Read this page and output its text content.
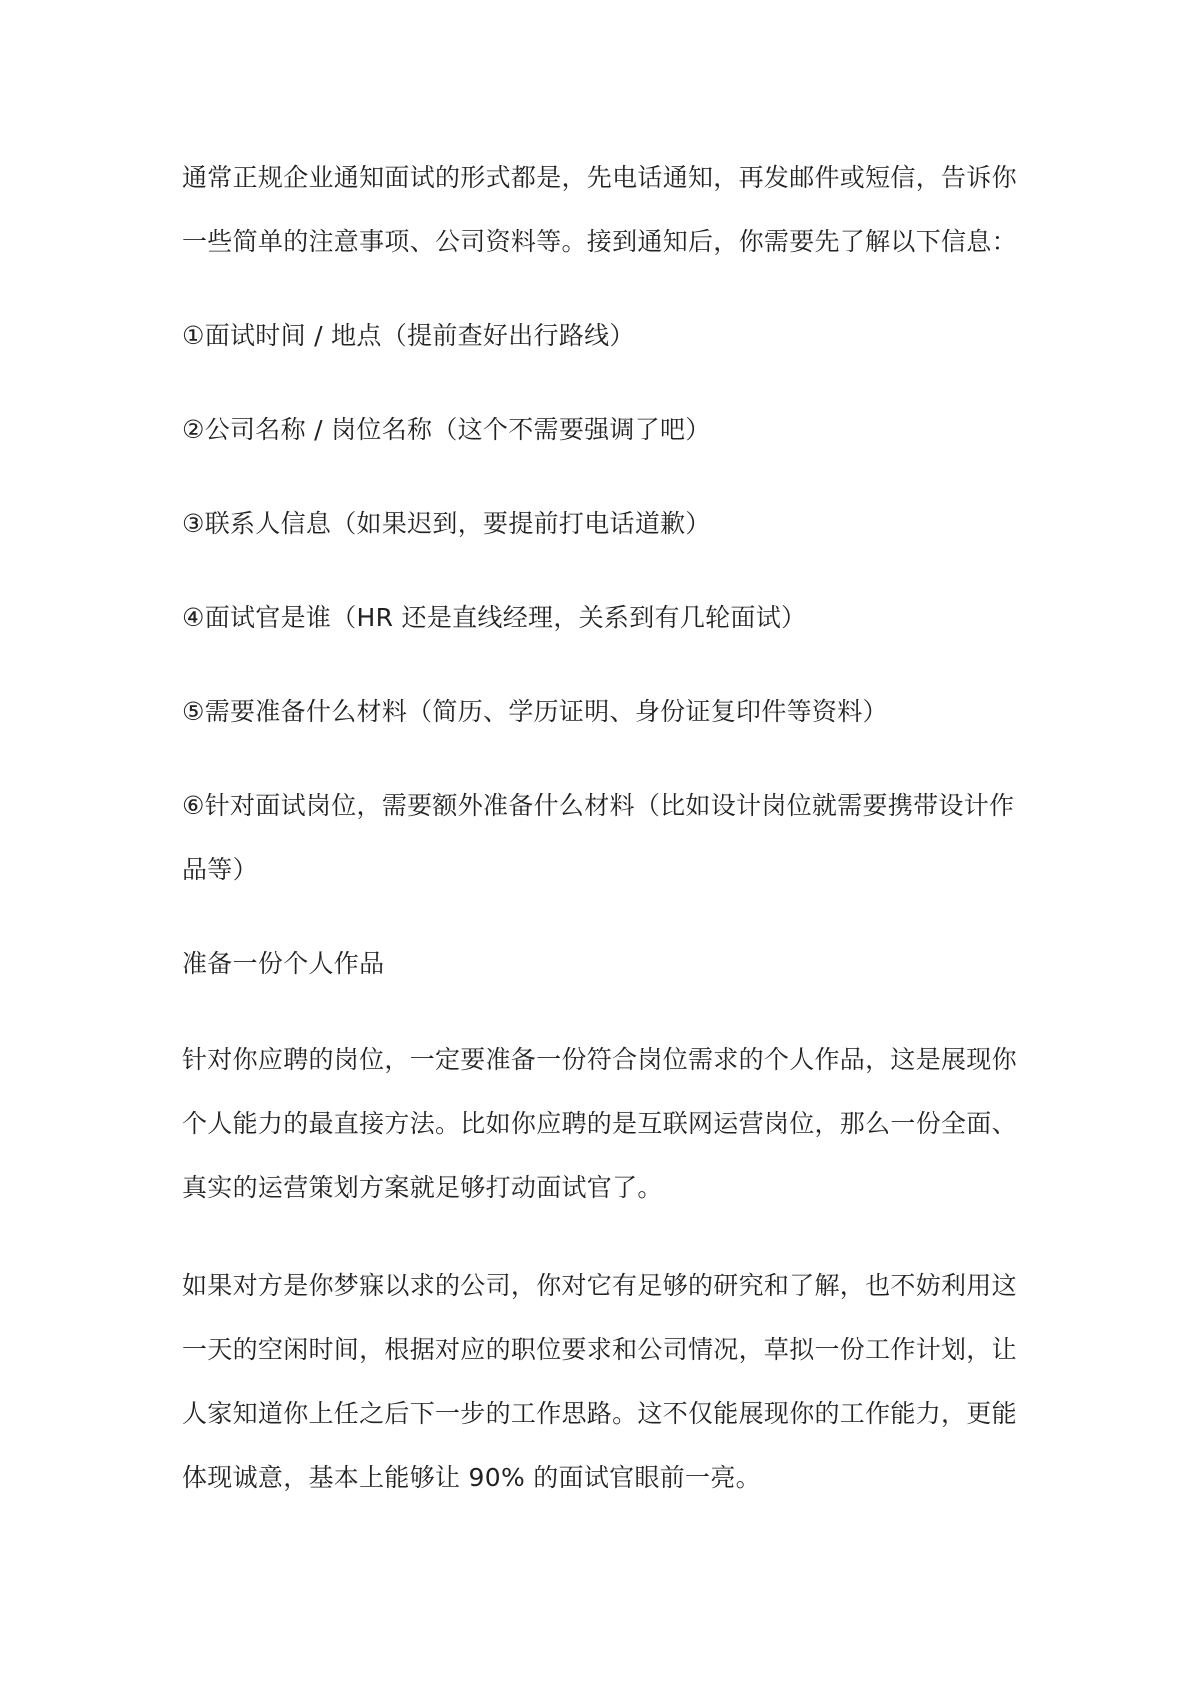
通常正规企业通知面试的形式都是，先电话通知，再发邮件或短信，告诉你一些简单的注意事项、公司资料等。接到通知后，你需要先了解以下信息：

①面试时间 / 地点（提前查好出行路线）

②公司名称 / 岗位名称（这个不需要强调了吧）

③联系人信息（如果迟到，要提前打电话道歉）

④面试官是谁（HR 还是直线经理，关系到有几轮面试）

⑤需要准备什么材料（简历、学历证明、身份证复印件等资料）

⑥针对面试岗位，需要额外准备什么材料（比如设计岗位就需要携带设计作品等）

准备一份个人作品

针对你应聘的岗位，一定要准备一份符合岗位需求的个人作品，这是展现你个人能力的最直接方法。比如你应聘的是互联网运营岗位，那么一份全面、真实的运营策划方案就足够打动面试官了。

如果对方是你梦寐以求的公司，你对它有足够的研究和了解，也不妨利用这一天的空闲时间，根据对应的职位要求和公司情况，草拟一份工作计划，让人家知道你上任之后下一步的工作思路。这不仅能展现你的工作能力，更能体现诚意，基本上能够让 90% 的面试官眼前一亮。
